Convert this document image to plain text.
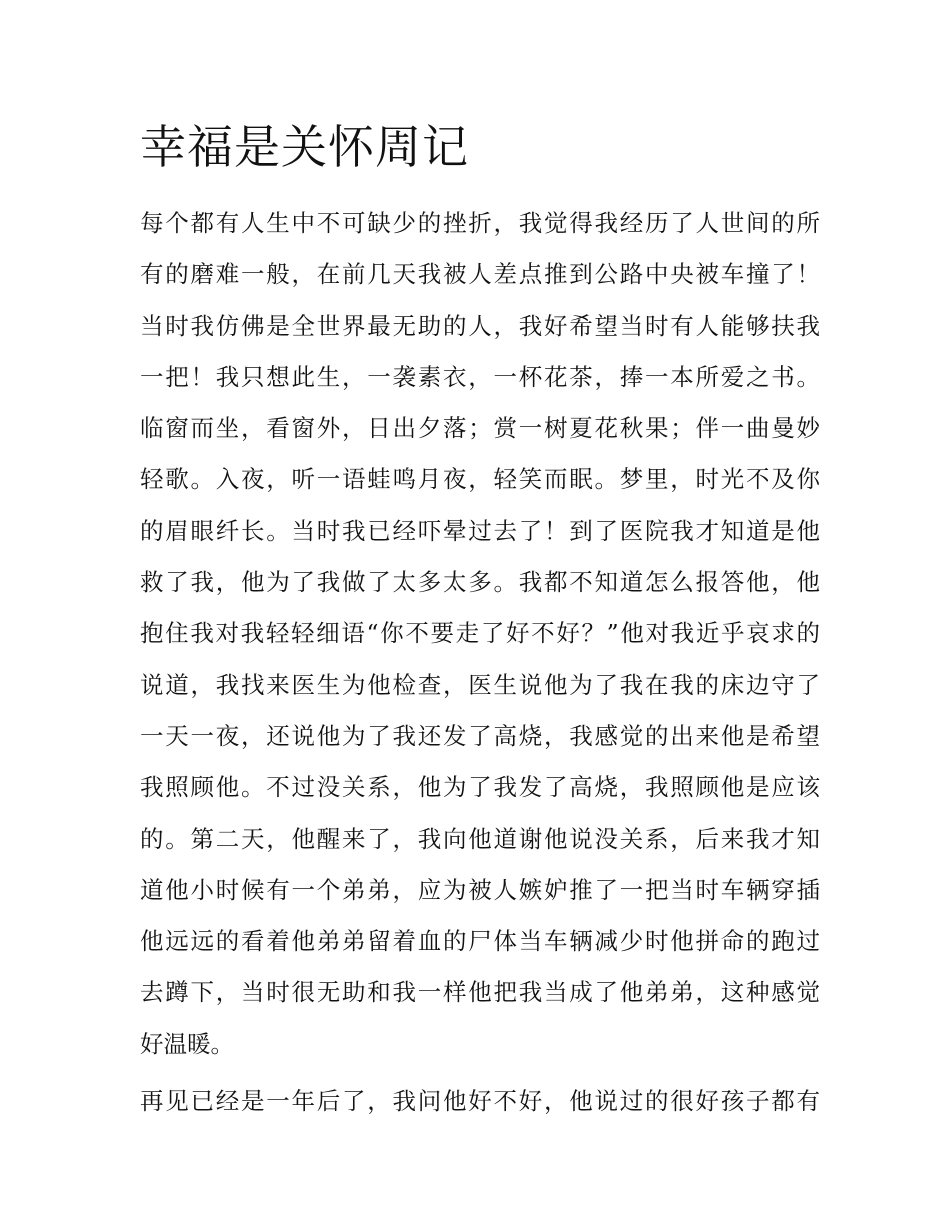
幸福是关怀周记
每个都有人生中不可缺少的挫折，我觉得我经历了人世间的所
有的磨难一般，在前几天我被人差点推到公路中央被车撞了！
当时我仿佛是全世界最无助的人，我好希望当时有人能够扶我
一把！我只想此生，一袭素衣，一杯花茶，捧一本所爱之书。
临窗而坐，看窗外，日出夕落；赏一树夏花秋果；伴一曲曼妙
轻歌。入夜，听一语蛙鸣月夜，轻笑而眠。梦里，时光不及你
的眉眼纤长。当时我已经吓晕过去了！到了医院我才知道是他
救了我，他为了我做了太多太多。我都不知道怎么报答他，他
抱住我对我轻轻细语“你不要走了好不好？”他对我近乎哀求的
说道，我找来医生为他检查，医生说他为了我在我的床边守了
一天一夜，还说他为了我还发了高烧，我感觉的出来他是希望
我照顾他。不过没关系，他为了我发了高烧，我照顾他是应该
的。第二天，他醒来了，我向他道谢他说没关系，后来我才知
道他小时候有一个弟弟，应为被人嫉妒推了一把当时车辆穿插
他远远的看着他弟弟留着血的尸体当车辆减少时他拼命的跑过
去蹲下，当时很无助和我一样他把我当成了他弟弟，这种感觉
好温暖。
再见已经是一年后了，我问他好不好，他说过的很好孩子都有
